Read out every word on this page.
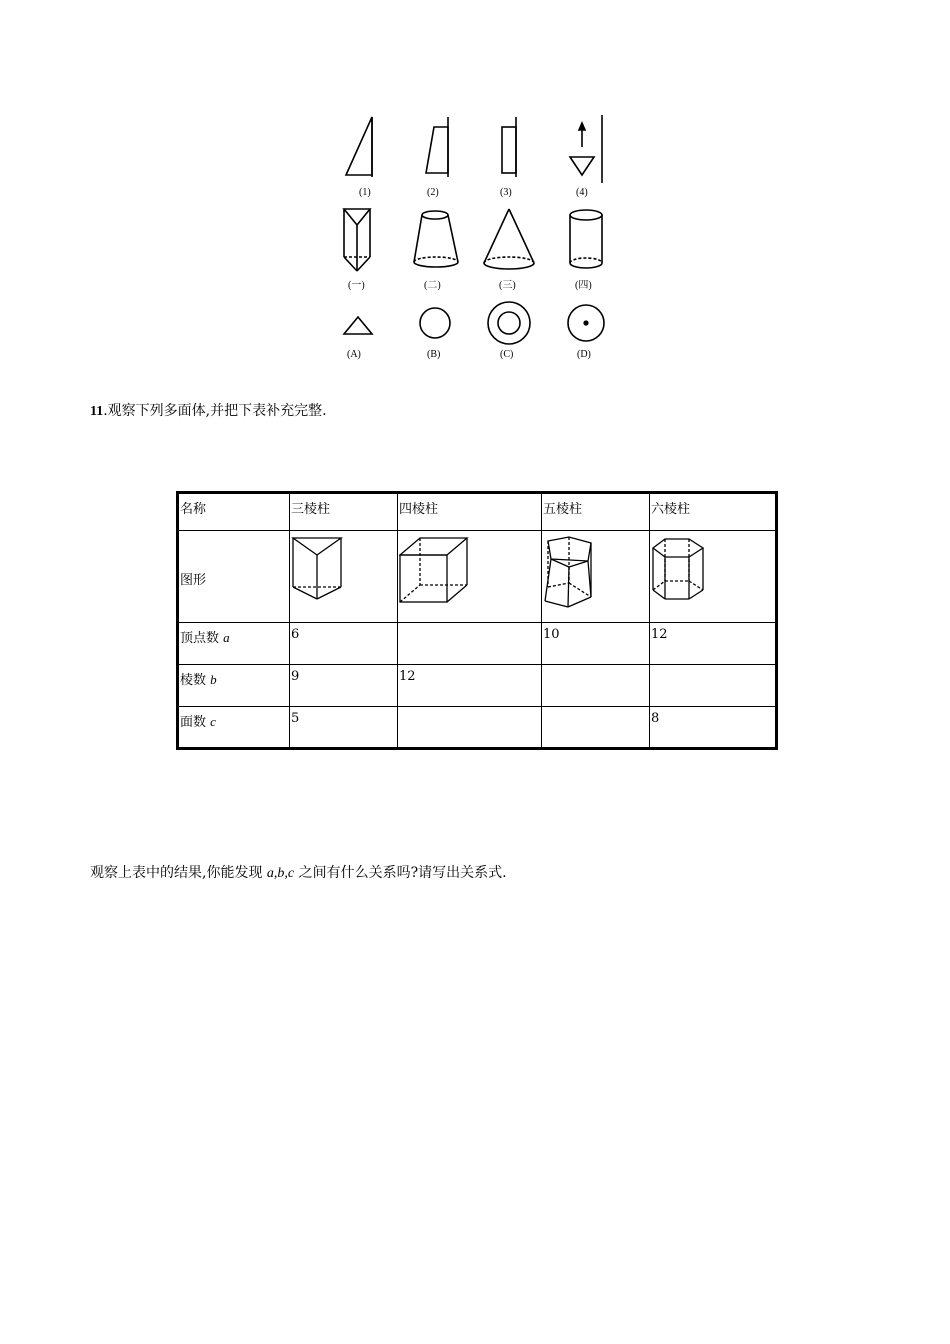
(1)	(2)	(3)	(4)
(一)	(二)	(三)	(四)
(A)	(B)	(C)	(D)
11.观察下列多面体,并把下表补充完整.
名称	三棱柱	四棱柱	五棱柱	六棱柱
图形				
顶点数 a	6		10	12
棱数 b	9	12		
面数 c	5			8
观察上表中的结果,你能发现 a,b,c 之间有什么关系吗?请写出关系式.
